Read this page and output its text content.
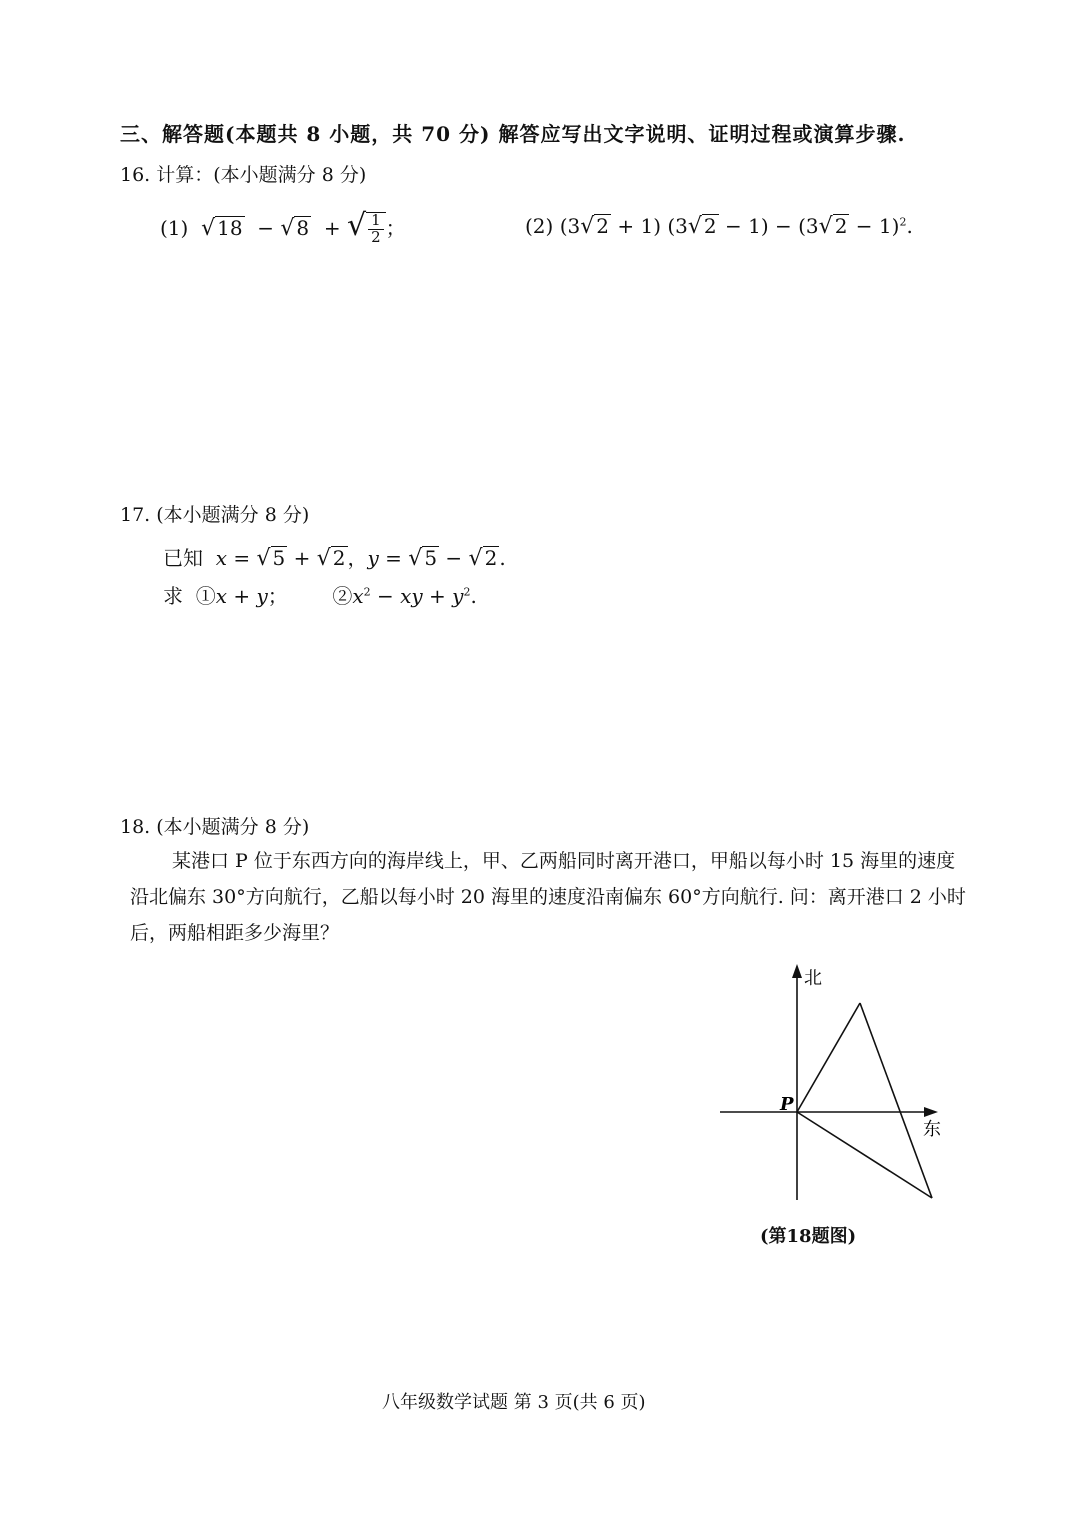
三、解答题(本题共 8 小题，共 70 分) 解答应写出文字说明、证明过程或演算步骤.
16. 计算：(本小题满分 8 分)
(1) √ 18  − √ 8  + √ $\frac{1}{2}$ ；	(2) (3√ 2 + 1) (3√ 2 − 1) − (3√ 2 − 1)$^2$.
17. (本小题满分 8 分)
已知  x = √ 5 + √ 2 ，y = √ 5 − √ 2 .
求 ①x + y； $②x^2$ − xy + $y^2$.
18. (本小题满分 8 分)
某港口 P 位于东西方向的海岸线上，甲、乙两船同时离开港口，甲船以每小时 15 海里的速度沿北偏东 30°方向航行，乙船以每小时 20 海里的速度沿南偏东 60°方向航行. 问：离开港口 2 小时后，两船相距多少海里？
北
东
P
(第18题图)
八年级数学试题 第 3 页(共 6 页)
